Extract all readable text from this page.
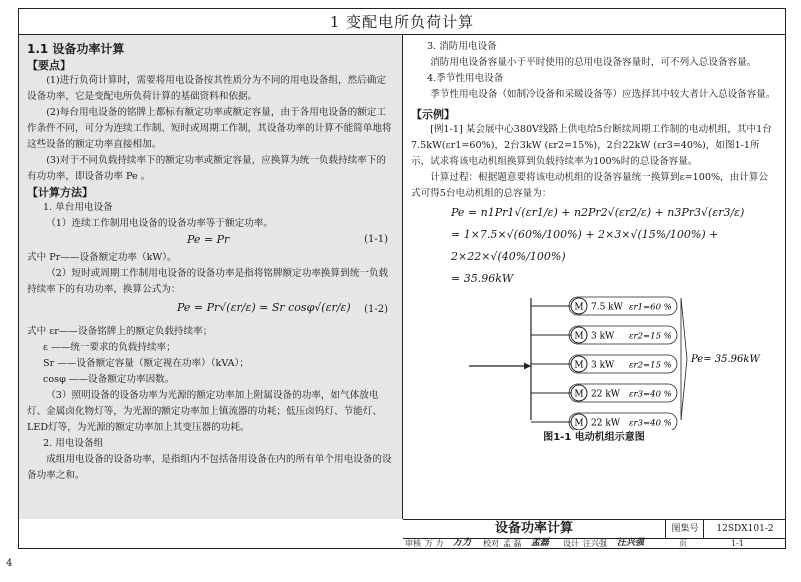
1 变配电所负荷计算
1.1 设备功率计算
【要点】

(1)进行负荷计算时，需要将用电设备按其性质分为不同的用电设备组，然后确定设备功率，它是变配电所负荷计算的基础资料和依据。

(2)每台用电设备的铭牌上都标有额定功率或额定容量，由于各用电设备的额定工作条件不同，可分为连续工作制、短时或周期工作制，其设备功率的计算不能简单地将这些设备的额定功率直接相加。

(3)对于不同负载持续率下的额定功率或额定容量，应换算为统一负载持续率下的有功功率，即设备功率 Pe 。

【计算方法】

1. 单台用电设备

（1）连续工作制用电设备的设备功率等于额定功率。

Pe = Pr	(1-1)

式中 Pr——设备额定功率（kW）。

（2）短时或周期工作制用电设备的设备功率是指将铭牌额定功率换算到统一负载持续率下的有功功率，换算公式为：

Pe = Pr√(εr/ε) = Sr cosφ√(εr/ε) (1-2)

式中 εr——设备铭牌上的额定负载持续率；

ε ——统一要求的负载持续率；

Sr ——设备额定容量（额定视在功率）（kVA）；

cosφ ——设备额定功率因数。

（3）照明设备的设备功率为光源的额定功率加上附属设备的功率，如气体放电灯、金属卤化物灯等，为光源的额定功率加上镇流器的功耗；低压卤钨灯、节能灯、LED灯等，为光源的额定功率加上其变压器的功耗。

2. 用电设备组

成组用电设备的设备功率，是指组内不包括备用设备在内的所有单个用电设备的设备功率之和。

3. 消防用电设备

消防用电设备容量小于平时使用的总用电设备容量时，可不列入总设备容量。

4.季节性用电设备

季节性用电设备（如制冷设备和采暖设备等）应选择其中较大者计入总设备容量。

【示例】

[例1-1] 某会展中心380V线路上供电给5台断续周期工作制的电动机组，其中1台7.5kW(εr1=60%)，2台3kW (εr2=15%)，2台22kW (εr3=40%)，如图1-1所示，试求将该电动机组换算到负载持续率为100%时的总设备容量。

计算过程：根据题意要将该电动机组的设备容量统一换算到ε=100%，由计算公式可得5台电动机组的总容量为：

Pe = n1Pr1√(εr1/ε) + n2Pr2√(εr2/ε) + n3Pr3√(εr3/ε)
= 1×7.5×√(60%/100%) + 2×3×√(15%/100%) + 2×22×√(40%/100%)
= 35.96kW
M 7.5 kW εr1=60 %
M 3 kW εr2=15 %
M 3 kW εr2=15 %
M 22 kW εr3=40 %
M 22 kW εr3=40 %
Pe= 35.96kW
图1-1 电动机组示意图
设备功率计算	图集号	12SDX101-2
审核 万 力 万力 校对 孟 磊 孟磊 设计 汪兴强 汪兴强	页	1-1
4
